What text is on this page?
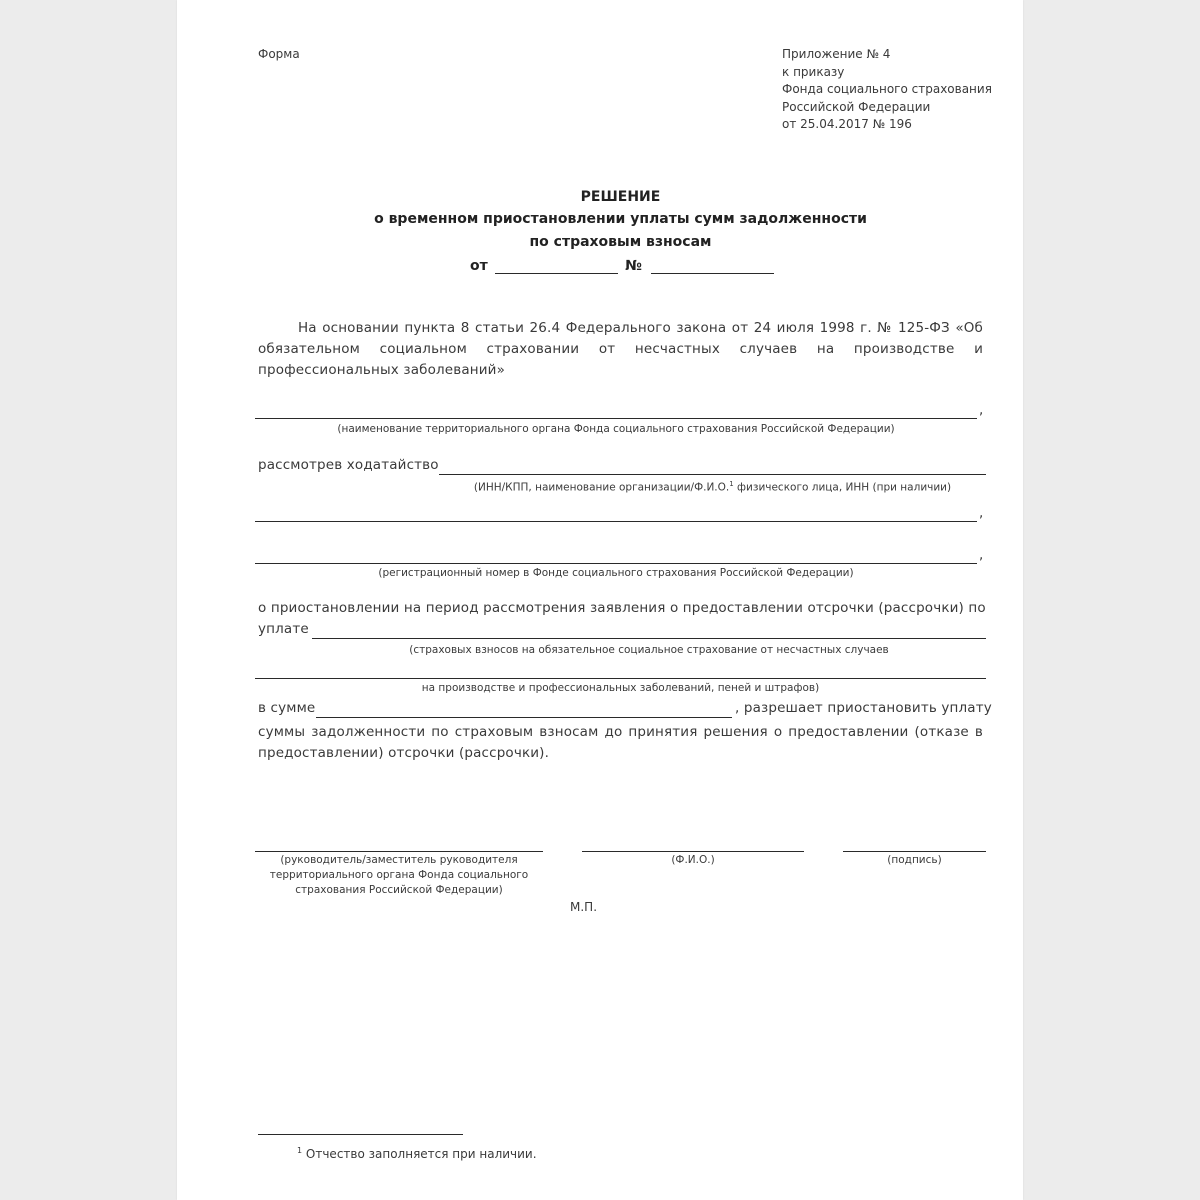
Форма	Приложение № 4
к приказу
Фонда социального страхования
Российской Федерации
от 25.04.2017 № 196
РЕШЕНИЕ
о временном приостановлении уплаты сумм задолженности
по страховым взносам
от	№
На основании пункта 8 статьи 26.4 Федерального закона от 24 июля 1998 г. № 125-ФЗ «Об
обязательном социальном страховании от несчастных случаев на производстве и
профессиональных заболеваний»
,
(наименование территориального органа Фонда социального страхования Российской Федерации)
рассмотрев ходатайство
(ИНН/КПП, наименование организации/Ф.И.О.$^1$ физического лица, ИНН (при наличии)
,
,
(регистрационный номер в Фонде социального страхования Российской Федерации)
о приостановлении на период рассмотрения заявления о предоставлении отсрочки (рассрочки) по
уплате
(страховых взносов на обязательное социальное страхование от несчастных случаев
на производстве и профессиональных заболеваний, пеней и штрафов)
в сумме	, разрешает приостановить уплату
суммы задолженности по страховым взносам до принятия решения о предоставлении (отказе в
предоставлении) отсрочки (рассрочки).
(руководитель/заместитель руководителя
территориального органа Фонда социального
страхования Российской Федерации)
(Ф.И.О.)	(подпись)
М.П.
$^1$ Отчество заполняется при наличии.
